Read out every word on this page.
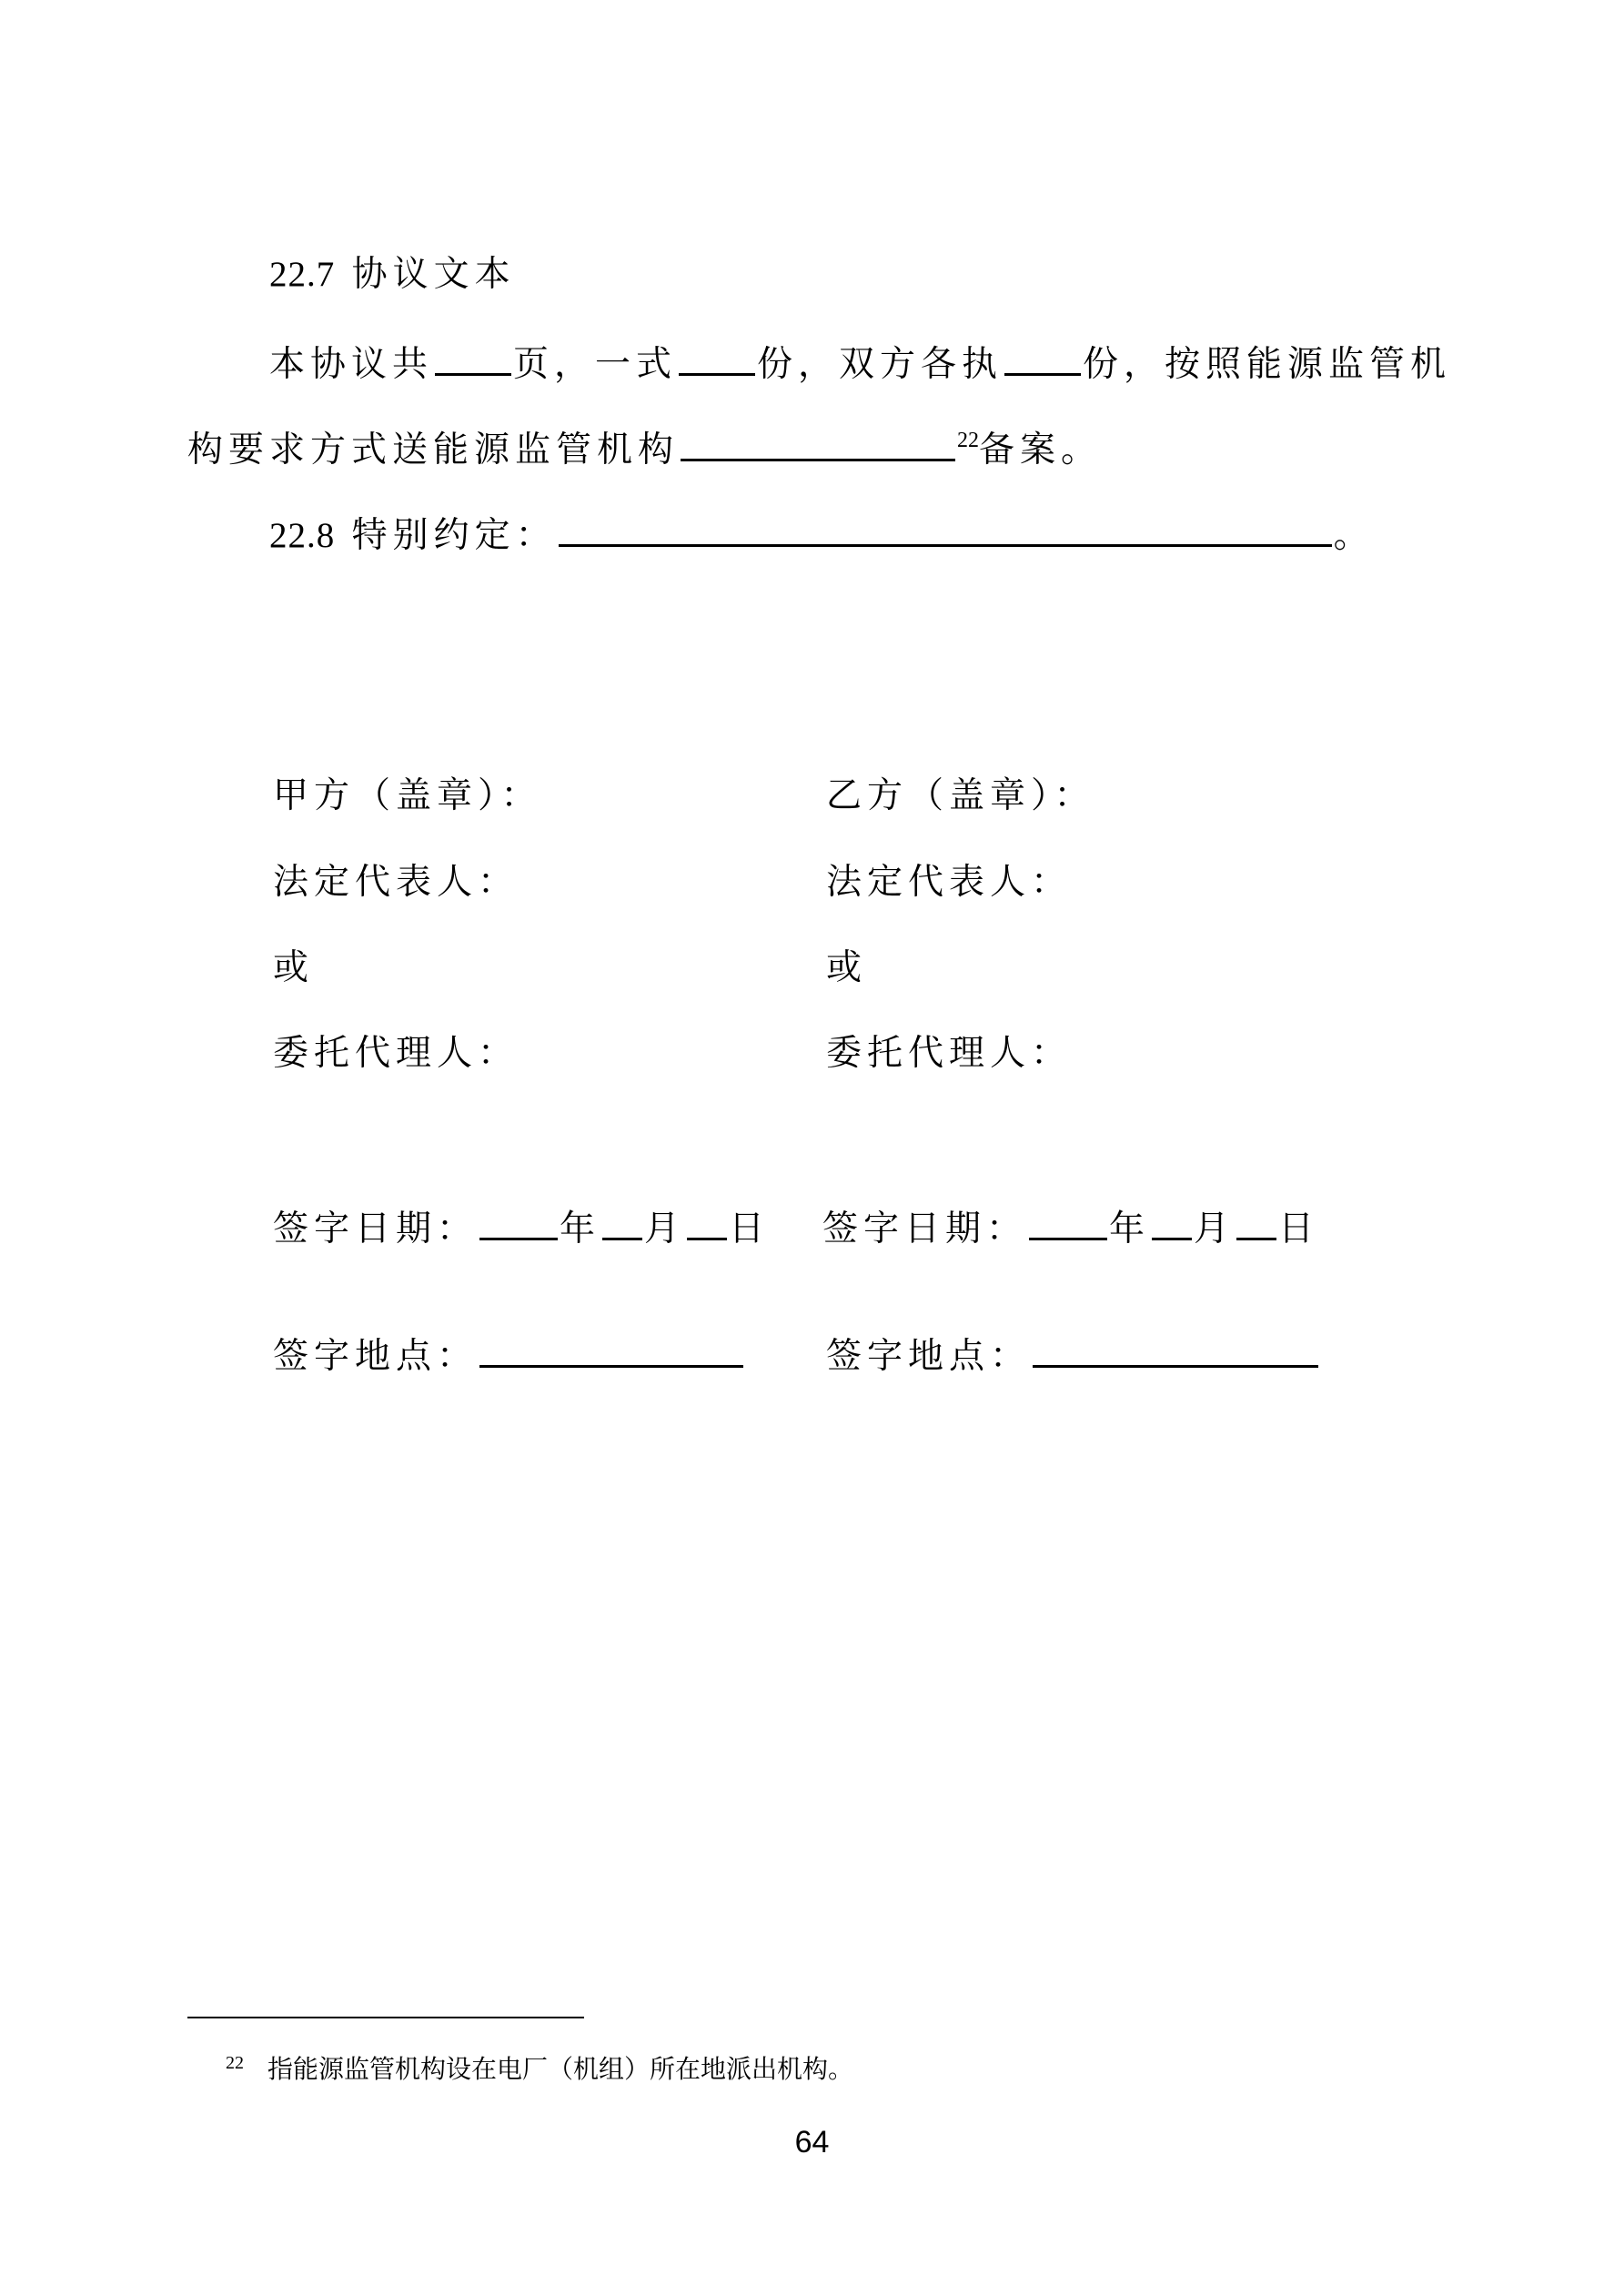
22.7 协议文本
本协议共 页，一式 份，双方各执 份，按照能源监管机
构要求方式送能源监管机构	$^{22}$备案。
22.8 特别约定：	。
甲方（盖章）：
法定代表人：
或
委托代理人：
签字日期： 年 月 日
签字地点：
乙方（盖章）：
法定代表人：
或
委托代理人：
签字日期： 年 月 日
签字地点：
$^{22}$ 指能源监管机构设在电厂（机组）所在地派出机构。
64
